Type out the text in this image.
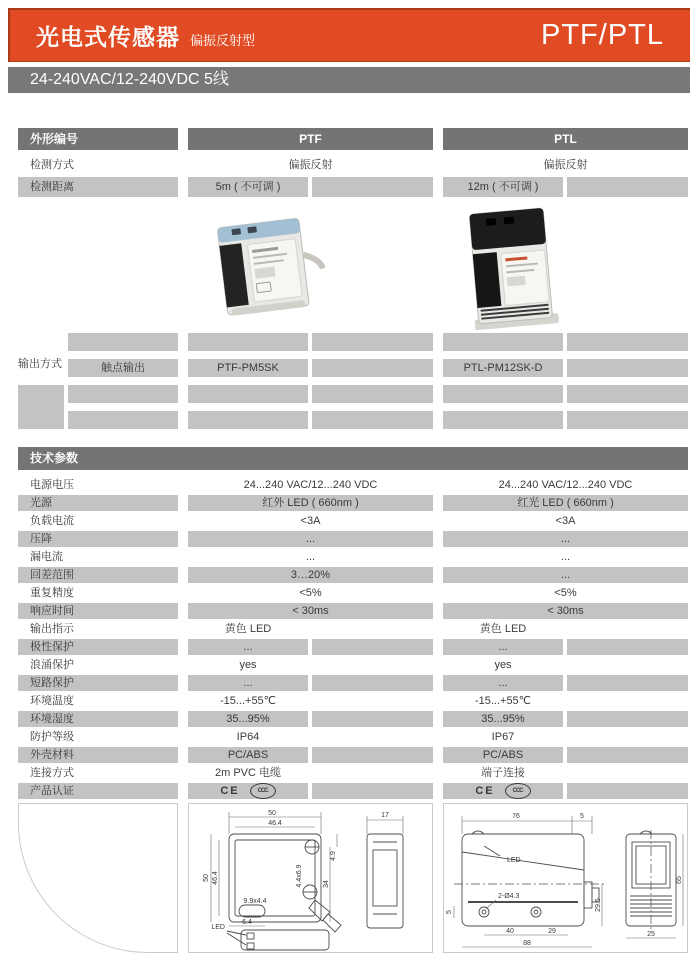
光电式传感器 偏振反射型	PTF/PTL
24-240VAC/12-240VDC 5线
外形编号	PTF	PTL
检测方式	偏振反射	偏振反射
检测距离	5m ( 不可调 )	12m ( 不可调 )
输出方式	触点输出	PTF-PM5SK	PTL-PM12SK-D
技术参数
电源电压	24...240 VAC/12...240 VDC	24...240 VAC/12...240 VDC
光源	红外 LED ( 660nm )	红光 LED ( 660nm )
负载电流	<3A	<3A
压降	...	...
漏电流	...	...
回差范围	3…20%	...
重复精度	<5%	<5%
响应时间	< 30ms	< 30ms
输出指示	黄色 LED	黄色 LED
极性保护	...	...
浪涌保护	yes	yes
短路保护	...	...
环境温度	-15...+55℃	-15...+55℃
环境湿度	35...95%	35...95%
防护等级	IP64	IP67
外壳材料	PC/ABS	PC/ABS
连接方式	2m PVC 电缆	端子连接
产品认证	CE	CCC	CE	CCC
50
46.4
50 46.4	4.4x6.9
4.9
34
9.9x4.4
6.4
17
LED
76	5
LED
2-Ø4.3
5
40	29
88
29.5
25
65
